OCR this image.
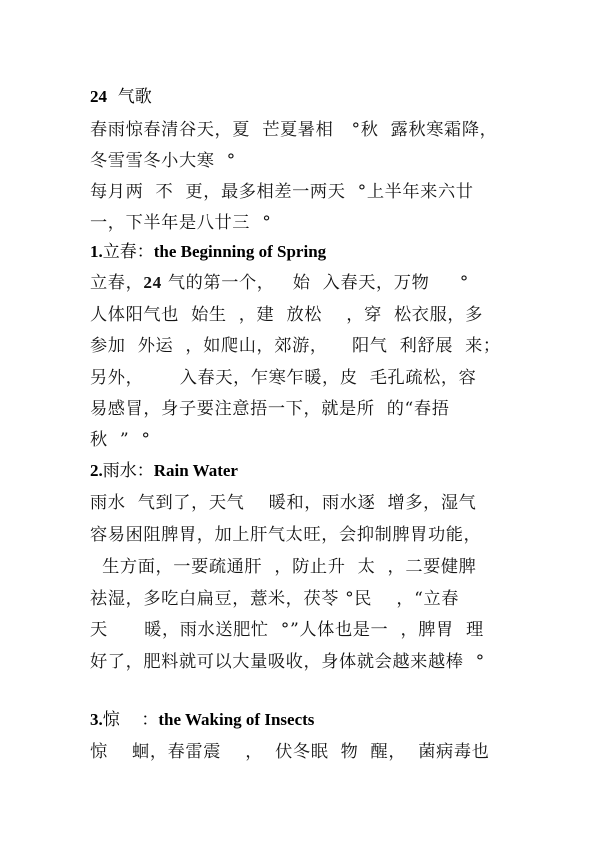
24  气歌
春雨惊春清谷天，夏  芒夏暑相   °秋  露秋寒霜降，
冬雪雪冬小大寒  °
每月两  不  更，最多相差一两天  °上半年来六廿
一，下半年是八廿三  °
1.立春：the Beginning of Spring
立春，24 气的第一个，   始  入春天，万物     °
人体阳气也  始生  ，建  放松    ，穿  松衣服，多
参加  外运  ，如爬山，郊游，    阳气  利舒展  来；
另外，      入春天，乍寒乍暖，皮  毛孔疏松，容
易感冒，身子要注意捂一下，就是所  的“春捂
秋  ”  °
2.雨水：Rain Water
雨水  气到了，天气    暖和，雨水逐  增多，湿气
容易困阻脾胃，加上肝气太旺，会抑制脾胃功能，
生方面，一要疏通肝  ，防止升  太  ，二要健脾
祛湿，多吃白扁豆，薏米，茯苓 °民    ，“立春
天      暖，雨水送肥忙  °”人体也是一  ，脾胃  理
好了，肥料就可以大量吸收，身体就会越来越棒  °
3.惊    ：the Waking of Insects
惊    蛔，春雷震    ，  伏冬眠  物  醒，  菌病毒也
